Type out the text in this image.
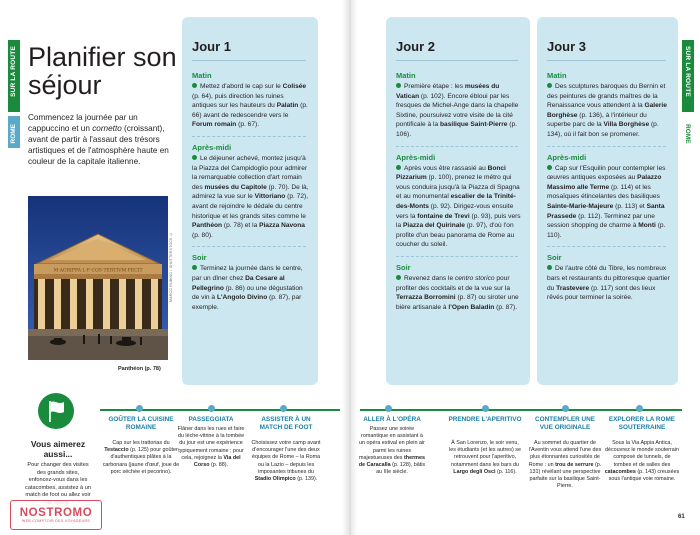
SUR LA ROUTE
ROME
SUR LA ROUTE
ROME
Planifier son séjour

Commencez la journée par un cappuccino et un cornetto (croissant), avant de partir à l'assaut des trésors artistiques et de l'atmosphère haute en couleur de la capitale italienne.

M·AGRIPPA·L·F·COS·TERTIVM·FECIT	MARCO RUBINO / SHUTTERSTOCK ©
Panthéon (p. 78)
Jour 1
Matin
Mettez d'abord le cap sur le Colisée (p. 64), puis direction les ruines antiques sur les hauteurs du Palatin (p. 66) avant de redescendre vers le Forum romain (p. 67).
Après-midi
Le déjeuner achevé, montez jusqu'à la Piazza del Campidoglio pour admirer la remarquable collection d'art romain des musées du Capitole (p. 70). De là, admirez la vue sur le Vittoriano (p. 72), avant de rejoindre le dédale du centre historique et les grands sites comme le Panthéon (p. 78) et la Piazza Navona (p. 80).
Soir
Terminez la journée dans le centre, par un dîner chez Da Cesare al Pellegrino (p. 86) ou une dégustation de vin à L'Angolo Divino (p. 87), par exemple.
Jour 2
Matin
Première étape : les musées du Vatican (p. 102). Encore ébloui par les fresques de Michel-Ange dans la chapelle Sixtine, poursuivez votre visite de la cité pontificale à la basilique Saint-Pierre (p. 106).
Après-midi
Après vous être rassasié au Bonci Pizzarium (p. 100), prenez le métro qui vous conduira jusqu'à la Piazza di Spagna et au monumental escalier de la Trinité-des-Monts (p. 92). Dirigez-vous ensuite vers la fontaine de Trevi (p. 93), puis vers la Piazza del Quirinale (p. 97), d'où l'on profite d'un beau panorama de Rome au coucher du soleil.
Soir
Revenez dans le centro storico pour profiter des cocktails et de la vue sur la Terrazza Borromini (p. 87) ou siroter une bière artisanale à l'Open Baladin (p. 87).
Jour 3
Matin
Des sculptures baroques du Bernin et des peintures de grands maîtres de la Renaissance vous attendent à la Galerie Borghèse (p. 136), à l'intérieur du superbe parc de la Villa Borghèse (p. 134), où il fait bon se promener.
Après-midi
Cap sur l'Esquilin pour contempler les œuvres antiques exposées au Palazzo Massimo alle Terme (p. 114) et les mosaïques étincelantes des basiliques Sainte-Marie-Majeure (p. 113) et Santa Prassede (p. 112). Terminez par une session shopping de charme à Monti (p. 110).
Soir
De l'autre côté du Tibre, les nombreux bars et restaurants du pittoresque quartier du Trastevere (p. 117) sont des lieux rêvés pour terminer la soirée.
Vous aimerez aussi...
Pour changer des visites des grands sites, enfoncez-vous dans les catacombes, assistez à un match de foot ou allez voir
GOÛTER LA CUISINE ROMAINE
Cap sur les trattorias du Testaccio (p. 125) pour goûter d'authentiques plâtes à la carbonara (jaune d'œuf, joue de porc séchée et pecorino).
PASSEGGIATA
Flâner dans les rues et faire du lèche-vitrine à la tombée du jour est une expérience typiquement romaine ; pour cela, rejoignez la Via del Corso (p. 88).
ASSISTER À UN MATCH DE FOOT
Choisissez votre camp avant d'encourager l'une des deux équipes de Rome – la Roma ou la Lazio – depuis les imposantes tribunes du Stadio Olimpico (p. 139).
ALLER À L'OPÉRA
Passez une soirée romantique en assistant à un opéra estival en plein air parmi les ruines majestueuses des thermes de Caracalla (p. 128), bâtis au IIIe siècle.
PRENDRE L'APERITIVO
À San Lorenzo, le soir venu, les étudiants (et les autres) se retrouvent pour l'aperitivo, notamment dans les bars du Largo degli Osci (p. 116).
CONTEMPLER UNE VUE ORIGINALE
Au sommet du quartier de l'Aventin vous attend l'une des plus étonnantes curiosités de Rome : un trou de serrure (p. 131) révélant une perspective parfaite sur la basilique Saint-Pierre.
EXPLORER LA ROME SOUTERRAINE
Sous la Via Appia Antica, découvrez le monde souterrain composé de tunnels, de tombes et de salles des catacombes (p. 143) creusées sous l'antique voie romaine.
NOSTROMO
WEB COMPTOIR DES VOYAGEURS
61
